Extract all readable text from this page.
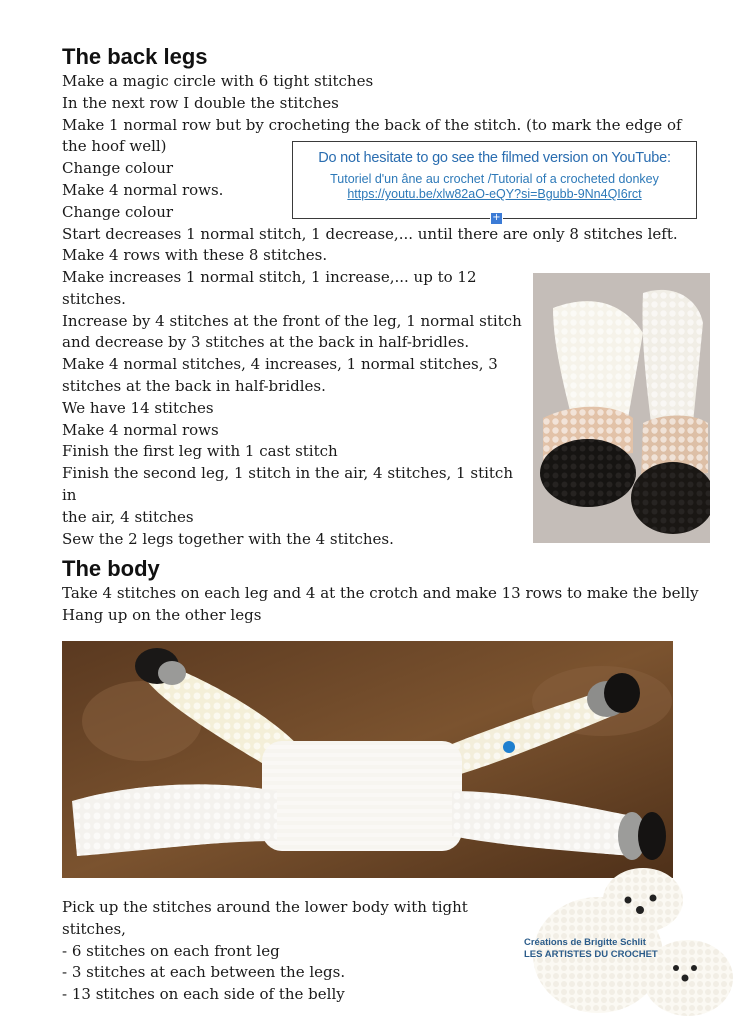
The back legs
Make a magic circle with 6 tight stitches
In the next row I double the stitches
Make 1 normal row but by crocheting the back of the stitch. (to mark the edge of
the hoof well)
Change colour
Make 4 normal rows.
Change colour
Start decreases 1 normal stitch, 1 decrease,... until there are only 8 stitches left.
Make 4 rows with these 8 stitches.
Make increases 1 normal stitch, 1 increase,... up to 12
stitches.
Increase by 4 stitches at the front of the leg, 1 normal stitch
and decrease by 3 stitches at the back in half-bridles.
Make 4 normal stitches, 4 increases, 1 normal stitches, 3
stitches at the back in half-bridles.
We have 14 stitches
Make 4 normal rows
Finish the first leg with 1 cast stitch
Finish the second leg, 1 stitch in the air, 4 stitches, 1 stitch in
the air, 4 stitches
Sew the 2 legs together with the 4 stitches.
Do not hesitate to go see the filmed version on YouTube:
Tutoriel d'un âne au crochet /Tutorial of a crocheted donkey
https://youtu.be/xlw82aO-eQY?si=Bgubb-9Nn4QI6rct
+
The body
Take 4 stitches on each leg and 4 at the crotch and make 13 rows to make the belly
Hang up on the other legs
Pick up the stitches around the lower body with tight stitches,
- 6 stitches on each front leg
- 3 stitches at each between the legs.
- 13 stitches on each side of the belly
Créations de Brigitte Schlit
LES ARTISTES DU CROCHET
